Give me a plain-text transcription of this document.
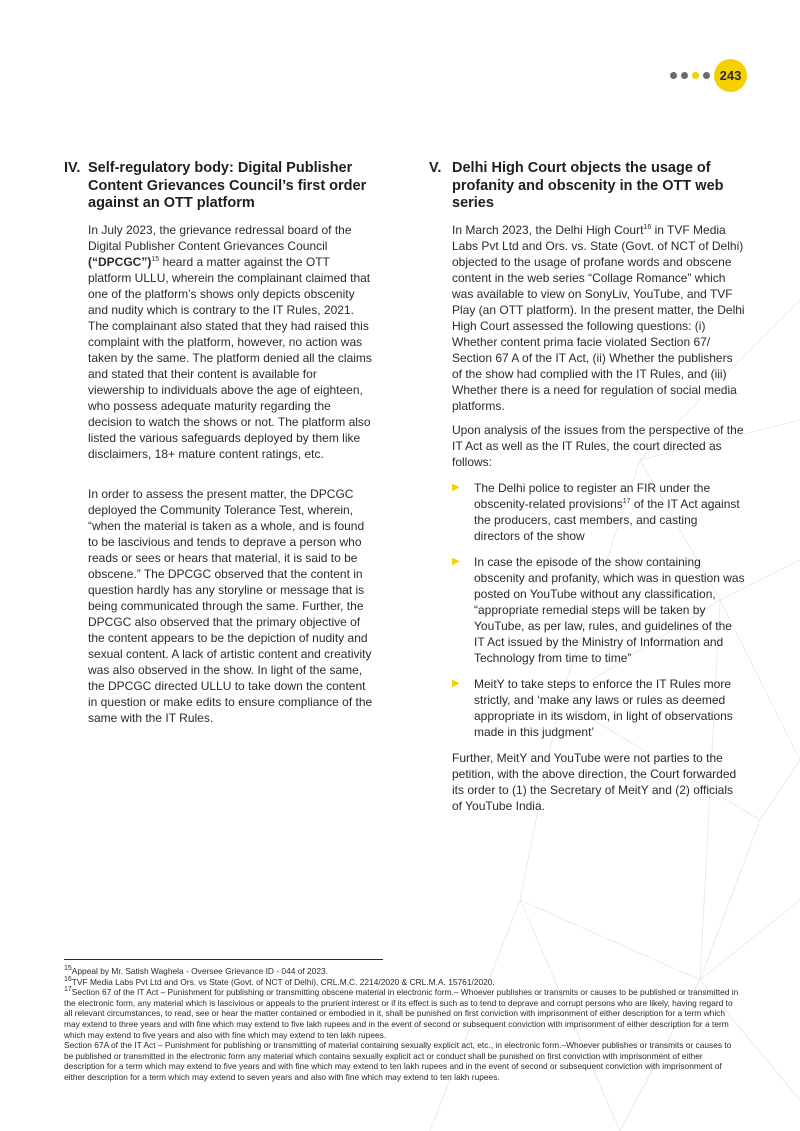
243
IV. Self-regulatory body: Digital Publisher Content Grievances Council’s first order against an OTT platform

In July 2023, the grievance redressal board of the Digital Publisher Content Grievances Council (“DPCGC”)$^{15}$ heard a matter against the OTT platform ULLU, wherein the complainant claimed that one of the platform’s shows only depicts obscenity and nudity which is contrary to the IT Rules, 2021. The complainant also stated that they had raised this complaint with the platform, however, no action was taken by the same. The platform denied all the claims and stated that their content is available for viewership to individuals above the age of eighteen, who possess adequate maturity regarding the decision to watch the shows or not. The platform also listed the various safeguards deployed by them like disclaimers, 18+ mature content ratings, etc.

In order to assess the present matter, the DPCGC deployed the Community Tolerance Test, wherein, “when the material is taken as a whole, and is found to be lascivious and tends to deprave a person who reads or sees or hears that material, it is said to be obscene.” The DPCGC observed that the content in question hardly has any storyline or message that is being communicated through the same. Further, the DPCGC also observed that the primary objective of the content appears to be the depiction of nudity and sexual content. A lack of artistic content and creativity was also observed in the show. In light of the same, the DPCGC directed ULLU to take down the content in question or make edits to ensure compliance of the same with the IT Rules.

V. Delhi High Court objects the usage of profanity and obscenity in the OTT web series

In March 2023, the Delhi High Court$^{16}$ in TVF Media Labs Pvt Ltd and Ors. vs. State (Govt. of NCT of Delhi) objected to the usage of profane words and obscene content in the web series “Collage Romance” which was available to view on SonyLiv, YouTube, and TVF Play (an OTT platform). In the present matter, the Delhi High Court assessed the following questions: (i) Whether content prima facie violated Section 67/ Section 67 A of the IT Act, (ii) Whether the publishers of the show had complied with the IT Rules, and (iii) Whether there is a need for regulation of social media platforms.

Upon analysis of the issues from the perspective of the IT Act as well as the IT Rules, the court directed as follows:

▶	The Delhi police to register an FIR under the obscenity-related provisions$^{17}$ of the IT Act against the producers, cast members, and casting directors of the show
▶	In case the episode of the show containing obscenity and profanity, which was in question was posted on YouTube without any classification, “appropriate remedial steps will be taken by YouTube, as per law, rules, and guidelines of the IT Act issued by the Ministry of Information and Technology from time to time”
▶	MeitY to take steps to enforce the IT Rules more strictly, and ‘make any laws or rules as deemed appropriate in its wisdom, in light of observations made in this judgment’

Further, MeitY and YouTube were not parties to the petition, with the above direction, the Court forwarded its order to (1) the Secretary of MeitY and (2) officials of YouTube India.

$^{15}$Appeal by Mr. Satish Waghela - Oversee Grievance ID - 044 of 2023.

$^{16}$TVF Media Labs Pvt Ltd and Ors. vs State (Govt. of NCT of Delhi), CRL.M.C. 2214/2020 & CRL.M.A. 15761/2020.

$^{17}$Section 67 of the IT Act – Punishment for publishing or transmitting obscene material in electronic form.– Whoever publishes or transmits or causes to be published or transmitted in the electronic form, any material which is lascivious or appeals to the prurient interest or if its effect is such as to tend to deprave and corrupt persons who are likely, having regard to all relevant circumstances, to read, see or hear the matter contained or embodied in it, shall be punished on first conviction with imprisonment of either description for a term which may extend to three years and with fine which may extend to five lakh rupees and in the event of second or subsequent conviction with imprisonment of either description for a term which may extend to five years and also with fine which may extend to ten lakh rupees.

Section 67A of the IT Act – Punishment for publishing or transmitting of material containing sexually explicit act, etc., in electronic form.–Whoever publishes or transmits or causes to be published or transmitted in the electronic form any material which contains sexually explicit act or conduct shall be punished on first conviction with imprisonment of either description for a term which may extend to five years and with fine which may extend to ten lakh rupees and in the event of second or subsequent conviction with imprisonment of either description for a term which may extend to seven years and also with fine which may extend to ten lakh rupees.
